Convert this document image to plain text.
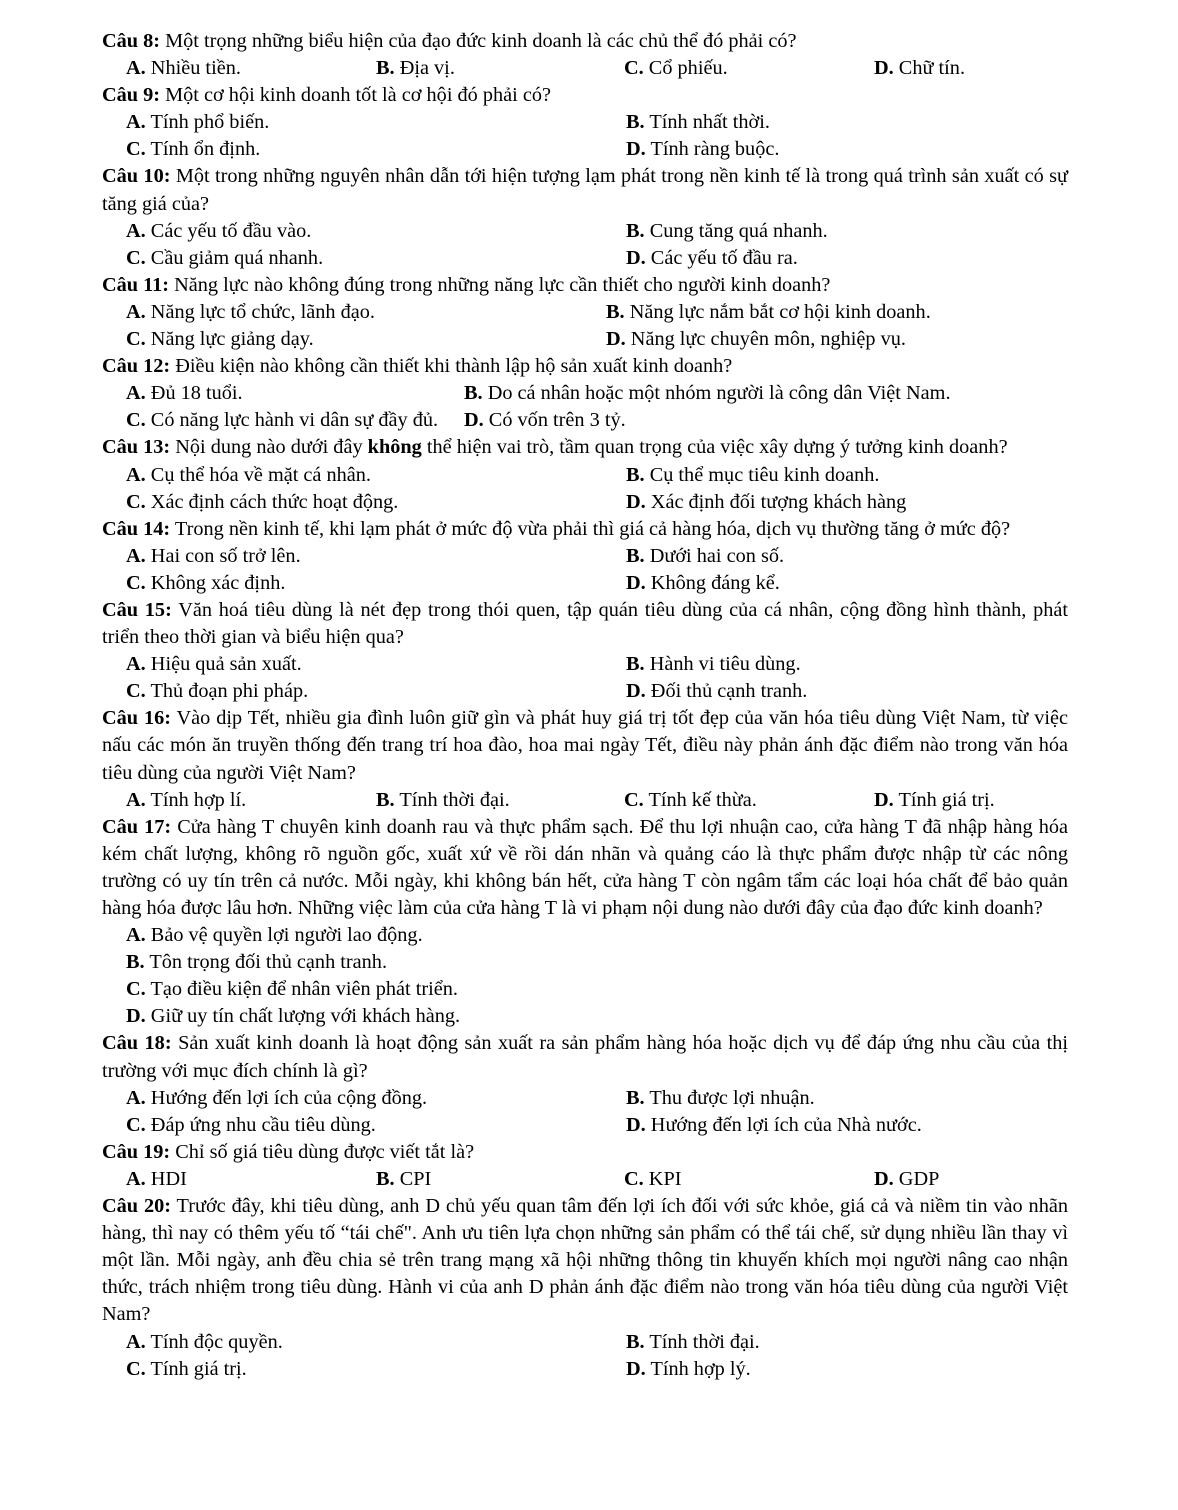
Câu 8: Một trọng những biểu hiện của đạo đức kinh doanh là các chủ thể đó phải có?
A. Nhiều tiền.	B. Địa vị.	C. Cổ phiếu.	D. Chữ tín.
Câu 9: Một cơ hội kinh doanh tốt là cơ hội đó phải có?
A. Tính phổ biến.	B. Tính nhất thời.
C. Tính ổn định.	D. Tính ràng buộc.
Câu 10: Một trong những nguyên nhân dẫn tới hiện tượng lạm phát trong nền kinh tế là trong quá trình sản xuất có sự tăng giá của?
A. Các yếu tố đầu vào.	B. Cung tăng quá nhanh.
C. Cầu giảm quá nhanh.	D. Các yếu tố đầu ra.
Câu 11: Năng lực nào không đúng trong những năng lực cần thiết cho người kinh doanh?
A. Năng lực tổ chức, lãnh đạo.	B. Năng lực nắm bắt cơ hội kinh doanh.
C. Năng lực giảng dạy.	D. Năng lực chuyên môn, nghiệp vụ.
Câu 12: Điều kiện nào không cần thiết khi thành lập hộ sản xuất kinh doanh?
A. Đủ 18 tuổi.	B. Do cá nhân hoặc một nhóm người là công dân Việt Nam.
C. Có năng lực hành vi dân sự đầy đủ.	D. Có vốn trên 3 tỷ.
Câu 13: Nội dung nào dưới đây không thể hiện vai trò, tầm quan trọng của việc xây dựng ý tưởng kinh doanh?
A. Cụ thể hóa về mặt cá nhân.	B. Cụ thể mục tiêu kinh doanh.
C. Xác định cách thức hoạt động.	D. Xác định đối tượng khách hàng
Câu 14: Trong nền kinh tế, khi lạm phát ở mức độ vừa phải thì giá cả hàng hóa, dịch vụ thường tăng ở mức độ?
A. Hai con số trở lên.	B. Dưới hai con số.
C. Không xác định.	D. Không đáng kể.
Câu 15: Văn hoá tiêu dùng là nét đẹp trong thói quen, tập quán tiêu dùng của cá nhân, cộng đồng hình thành, phát triển theo thời gian và biểu hiện qua?
A. Hiệu quả sản xuất.	B. Hành vi tiêu dùng.
C. Thủ đoạn phi pháp.	D. Đối thủ cạnh tranh.
Câu 16: Vào dịp Tết, nhiều gia đình luôn giữ gìn và phát huy giá trị tốt đẹp của văn hóa tiêu dùng Việt Nam, từ việc nấu các món ăn truyền thống đến trang trí hoa đào, hoa mai ngày Tết, điều này phản ánh đặc điểm nào trong văn hóa tiêu dùng của người Việt Nam?
A. Tính hợp lí.	B. Tính thời đại.	C. Tính kế thừa.	D. Tính giá trị.
Câu 17: Cửa hàng T chuyên kinh doanh rau và thực phẩm sạch. Để thu lợi nhuận cao, cửa hàng T đã nhập hàng hóa kém chất lượng, không rõ nguồn gốc, xuất xứ về rồi dán nhãn và quảng cáo là thực phẩm được nhập từ các nông trường có uy tín trên cả nước. Mỗi ngày, khi không bán hết, cửa hàng T còn ngâm tẩm các loại hóa chất để bảo quản hàng hóa được lâu hơn. Những việc làm của cửa hàng T là vi phạm nội dung nào dưới đây của đạo đức kinh doanh?
A. Bảo vệ quyền lợi người lao động.
B. Tôn trọng đối thủ cạnh tranh.
C. Tạo điều kiện để nhân viên phát triển.
D. Giữ uy tín chất lượng với khách hàng.
Câu 18: Sản xuất kinh doanh là hoạt động sản xuất ra sản phẩm hàng hóa hoặc dịch vụ để đáp ứng nhu cầu của thị trường với mục đích chính là gì?
A. Hướng đến lợi ích của cộng đồng.	B. Thu được lợi nhuận.
C. Đáp ứng nhu cầu tiêu dùng.	D. Hướng đến lợi ích của Nhà nước.
Câu 19: Chỉ số giá tiêu dùng được viết tắt là?
A. HDI	B. CPI	C. KPI	D. GDP
Câu 20: Trước đây, khi tiêu dùng, anh D chủ yếu quan tâm đến lợi ích đối với sức khỏe, giá cả và niềm tin vào nhãn hàng, thì nay có thêm yếu tố “tái chế". Anh ưu tiên lựa chọn những sản phẩm có thể tái chế, sử dụng nhiều lần thay vì một lần. Mỗi ngày, anh đều chia sẻ trên trang mạng xã hội những thông tin khuyến khích mọi người nâng cao nhận thức, trách nhiệm trong tiêu dùng. Hành vi của anh D phản ánh đặc điểm nào trong văn hóa tiêu dùng của người Việt Nam?
A. Tính độc quyền.	B. Tính thời đại.
C. Tính giá trị.	D. Tính hợp lý.
